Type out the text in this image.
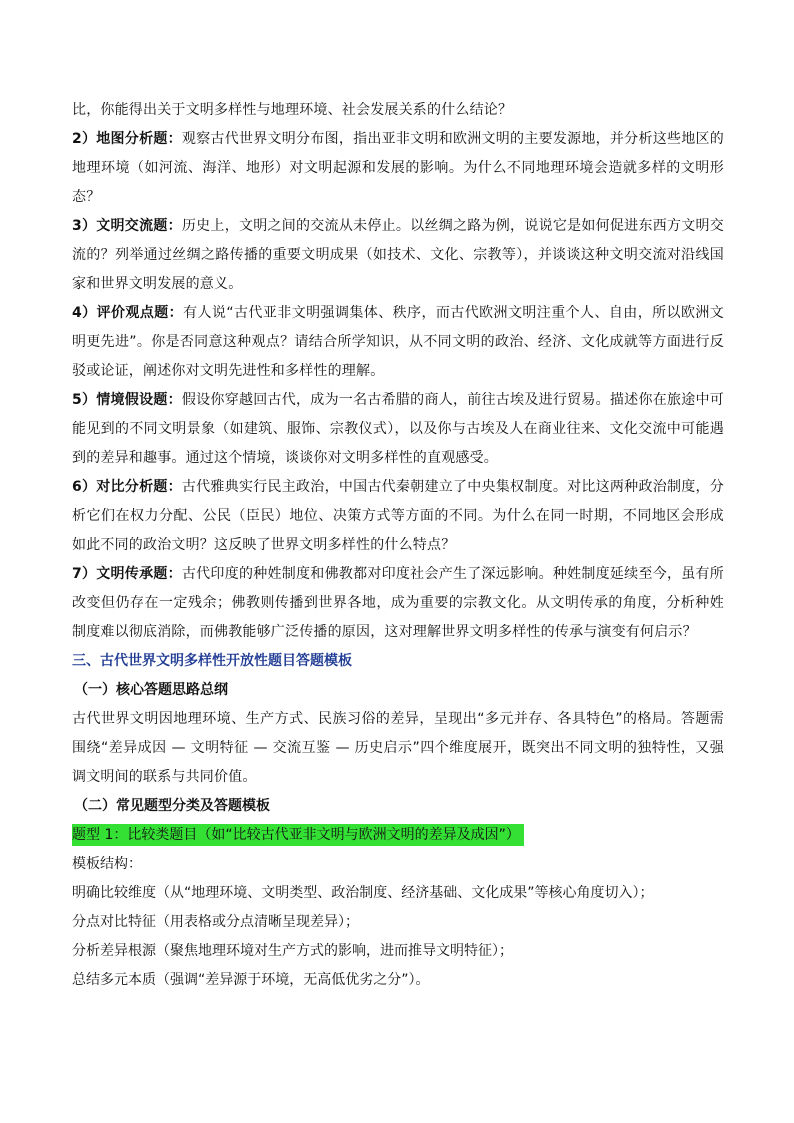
比，你能得出关于文明多样性与地理环境、社会发展关系的什么结论？

2）地图分析题：观察古代世界文明分布图，指出亚非文明和欧洲文明的主要发源地，并分析这些地区的地理环境（如河流、海洋、地形）对文明起源和发展的影响。为什么不同地理环境会造就多样的文明形态？

3）文明交流题：历史上，文明之间的交流从未停止。以丝绸之路为例，说说它是如何促进东西方文明交流的？列举通过丝绸之路传播的重要文明成果（如技术、文化、宗教等），并谈谈这种文明交流对沿线国家和世界文明发展的意义。

4）评价观点题：有人说“古代亚非文明强调集体、秩序，而古代欧洲文明注重个人、自由，所以欧洲文明更先进”。你是否同意这种观点？请结合所学知识，从不同文明的政治、经济、文化成就等方面进行反驳或论证，阐述你对文明先进性和多样性的理解。

5）情境假设题：假设你穿越回古代，成为一名古希腊的商人，前往古埃及进行贸易。描述你在旅途中可能见到的不同文明景象（如建筑、服饰、宗教仪式），以及你与古埃及人在商业往来、文化交流中可能遇到的差异和趣事。通过这个情境，谈谈你对文明多样性的直观感受。

6）对比分析题：古代雅典实行民主政治，中国古代秦朝建立了中央集权制度。对比这两种政治制度，分析它们在权力分配、公民（臣民）地位、决策方式等方面的不同。为什么在同一时期，不同地区会形成如此不同的政治文明？这反映了世界文明多样性的什么特点？

7）文明传承题：古代印度的种姓制度和佛教都对印度社会产生了深远影响。种姓制度延续至今，虽有所改变但仍存在一定残余；佛教则传播到世界各地，成为重要的宗教文化。从文明传承的角度，分析种姓制度难以彻底消除，而佛教能够广泛传播的原因，这对理解世界文明多样性的传承与演变有何启示？

三、古代世界文明多样性开放性题目答题模板

（一）核心答题思路总纲

古代世界文明因地理环境、生产方式、民族习俗的差异，呈现出“多元并存、各具特色”的格局。答题需围绕“差异成因 — 文明特征 — 交流互鉴 — 历史启示”四个维度展开，既突出不同文明的独特性，又强调文明间的联系与共同价值。

（二）常见题型分类及答题模板

题型 1：比较类题目（如“比较古代亚非文明与欧洲文明的差异及成因”）

模板结构：

明确比较维度（从“地理环境、文明类型、政治制度、经济基础、文化成果”等核心角度切入）；

分点对比特征（用表格或分点清晰呈现差异）；

分析差异根源（聚焦地理环境对生产方式的影响，进而推导文明特征）；

总结多元本质（强调“差异源于环境，无高低优劣之分”）。
